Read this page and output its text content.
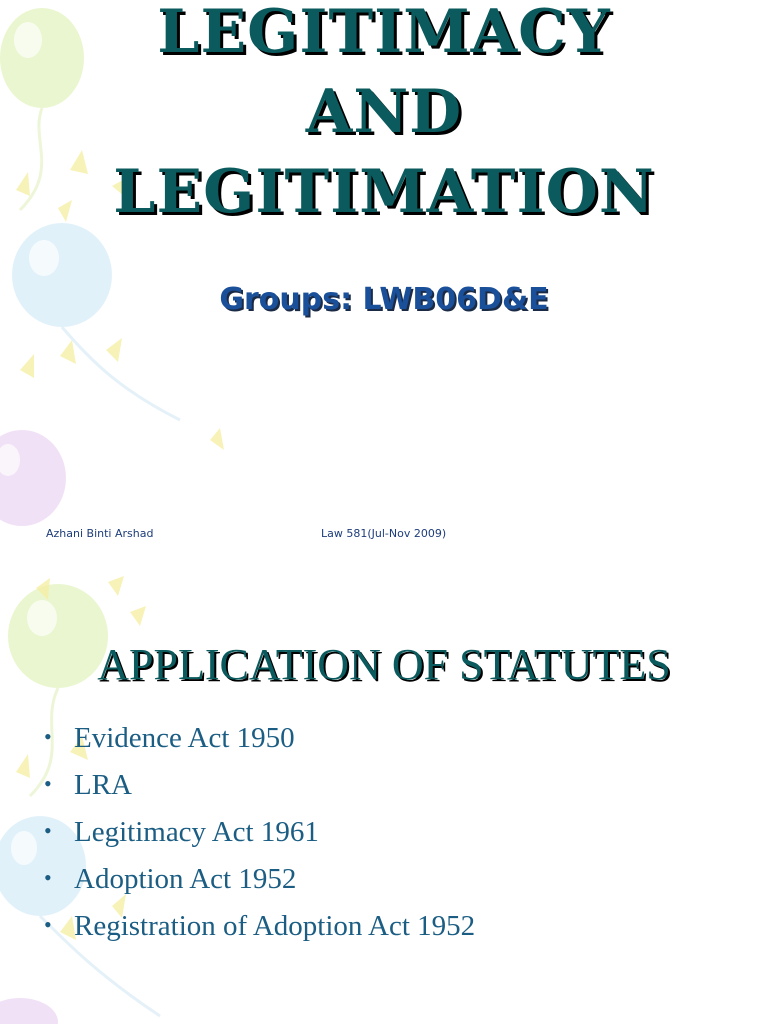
LEGITIMACY
AND
LEGITIMATION
Groups: LWB06D&E
Azhani Binti Arshad	Law 581(Jul-Nov 2009)
APPLICATION OF STATUTES
• Evidence Act 1950
• LRA
• Legitimacy Act 1961
• Adoption Act 1952
• Registration of Adoption Act 1952
